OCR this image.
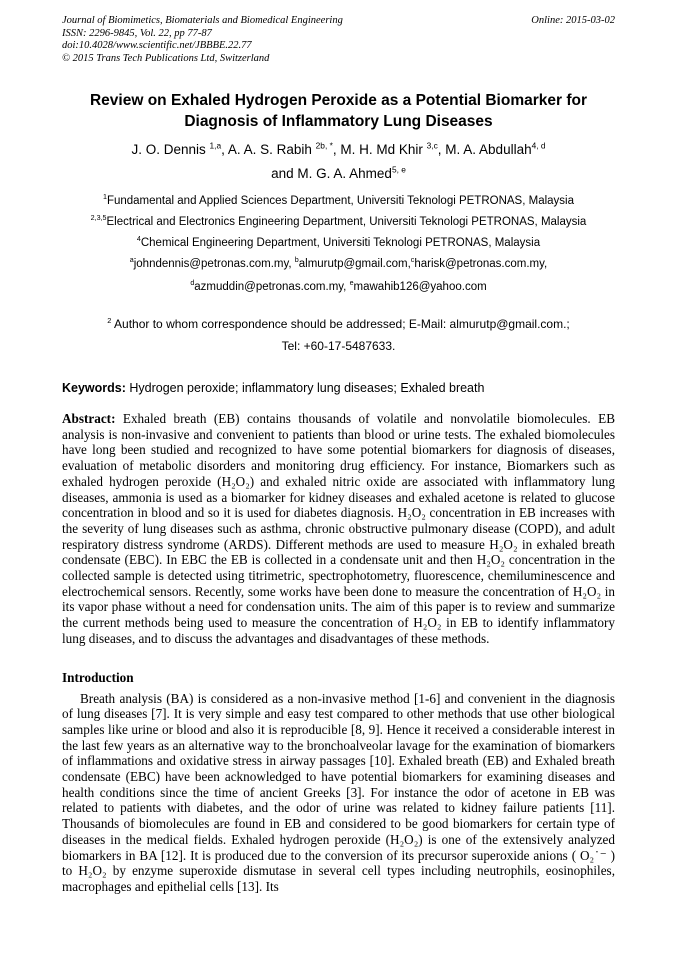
Journal of Biomimetics, Biomaterials and Biomedical Engineering
ISSN: 2296-9845, Vol. 22, pp 77-87
doi:10.4028/www.scientific.net/JBBBE.22.77
© 2015 Trans Tech Publications Ltd, Switzerland
Online: 2015-03-02
Review on Exhaled Hydrogen Peroxide as a Potential Biomarker for Diagnosis of Inflammatory Lung Diseases
J. O. Dennis $^{1,a}$, A. A. S. Rabih $^{2b, *}$, M. H. Md Khir $^{3,c}$, M. A. Abdullah$^{4, d}$
and M. G. A. Ahmed$^{5, e}$
$^1$Fundamental and Applied Sciences Department, Universiti Teknologi PETRONAS, Malaysia
$^{2,3,5}$Electrical and Electronics Engineering Department, Universiti Teknologi PETRONAS, Malaysia
$^4$Chemical Engineering Department, Universiti Teknologi PETRONAS, Malaysia
$^a$johndennis@petronas.com.my, $^b$almurutp@gmail.com,$^c$harisk@petronas.com.my,
$^d$azmuddin@petronas.com.my, $^e$mawahib126@yahoo.com
$^2$ Author to whom correspondence should be addressed; E-Mail: almurutp@gmail.com.;
Tel: +60-17-5487633.
Keywords: Hydrogen peroxide; inflammatory lung diseases; Exhaled breath
Abstract: Exhaled breath (EB) contains thousands of volatile and nonvolatile biomolecules. EB analysis is non-invasive and convenient to patients than blood or urine tests. The exhaled biomolecules have long been studied and recognized to have some potential biomarkers for diagnosis of diseases, evaluation of metabolic disorders and monitoring drug efficiency. For instance, Biomarkers such as exhaled hydrogen peroxide (H₂O₂) and exhaled nitric oxide are associated with inflammatory lung diseases, ammonia is used as a biomarker for kidney diseases and exhaled acetone is related to glucose concentration in blood and so it is used for diabetes diagnosis. H₂O₂ concentration in EB increases with the severity of lung diseases such as asthma, chronic obstructive pulmonary disease (COPD), and adult respiratory distress syndrome (ARDS). Different methods are used to measure H₂O₂ in exhaled breath condensate (EBC). In EBC the EB is collected in a condensate unit and then H₂O₂ concentration in the collected sample is detected using titrimetric, spectrophotometry, fluorescence, chemiluminescence and electrochemical sensors. Recently, some works have been done to measure the concentration of H₂O₂ in its vapor phase without a need for condensation units. The aim of this paper is to review and summarize the current methods being used to measure the concentration of H₂O₂ in EB to identify inflammatory lung diseases, and to discuss the advantages and disadvantages of these methods.
Introduction
Breath analysis (BA) is considered as a non-invasive method [1-6] and convenient in the diagnosis of lung diseases [7]. It is very simple and easy test compared to other methods that use other biological samples like urine or blood and also it is reproducible [8, 9]. Hence it received a considerable interest in the last few years as an alternative way to the bronchoalveolar lavage for the examination of biomarkers of inflammations and oxidative stress in airway passages [10]. Exhaled breath (EB) and Exhaled breath condensate (EBC) have been acknowledged to have potential biomarkers for examining diseases and health conditions since the time of ancient Greeks [3]. For instance the odor of acetone in EB was related to patients with diabetes, and the odor of urine was related to kidney failure patients [11]. Thousands of biomolecules are found in EB and considered to be good biomarkers for certain type of diseases in the medical fields. Exhaled hydrogen peroxide (H₂O₂) is one of the extensively analyzed biomarkers in BA [12]. It is produced due to the conversion of its precursor superoxide anions ( O₂˙⁻ ) to H₂O₂ by enzyme superoxide dismutase in several cell types including neutrophils, eosinophiles, macrophages and epithelial cells [13]. Its
